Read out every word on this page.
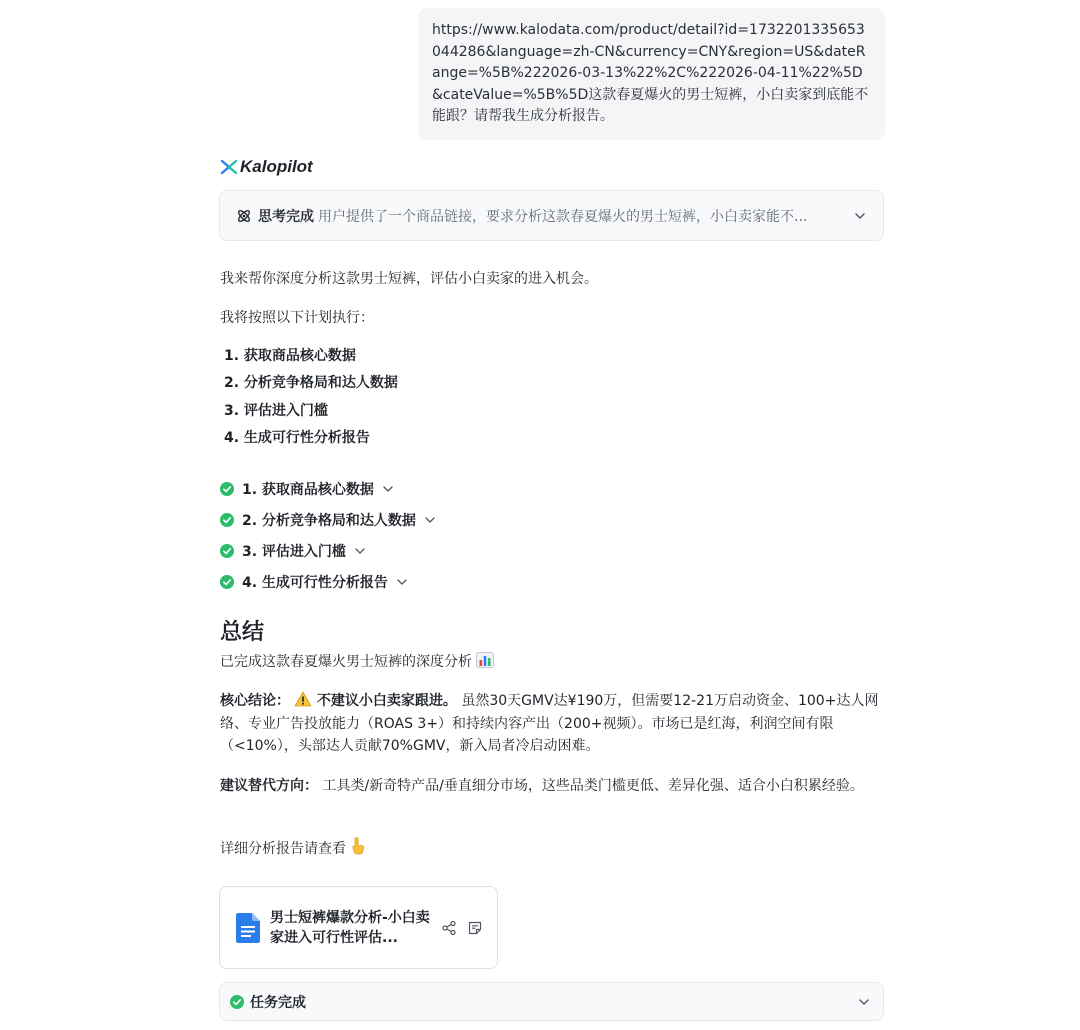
https://www.kalodata.com/product/detail?id=1732201335653044286&language=zh-CN&currency=CNY&region=US&dateRange=%5B%222026-03-13%22%2C%222026-04-11%22%5D&cateValue=%5B%5D这款春夏爆火的男士短裤，小白卖家到底能不能跟？请帮我生成分析报告。
Kalopilot
思考完成 用户提供了一个商品链接，要求分析这款春夏爆火的男士短裤，小白卖家能不...
我来帮你深度分析这款男士短裤，评估小白卖家的进入机会。
我将按照以下计划执行：
1. 获取商品核心数据
2. 分析竞争格局和达人数据
3. 评估进入门槛
4. 生成可行性分析报告
1. 获取商品核心数据
2. 分析竞争格局和达人数据
3. 评估进入门槛
4. 生成可行性分析报告
总结
已完成这款春夏爆火男士短裤的深度分析
核心结论： 不建议小白卖家跟进。 虽然30天GMV达¥190万，但需要12-21万启动资金、100+达人网络、专业广告投放能力（ROAS 3+）和持续内容产出（200+视频）。市场已是红海，利润空间有限（<10%），头部达人贡献70%GMV，新入局者冷启动困难。
建议替代方向： 工具类/新奇特产品/垂直细分市场，这些品类门槛更低、差异化强、适合小白积累经验。
详细分析报告请查看
男士短裤爆款分析-小白卖家进入可行性评估...
任务完成
